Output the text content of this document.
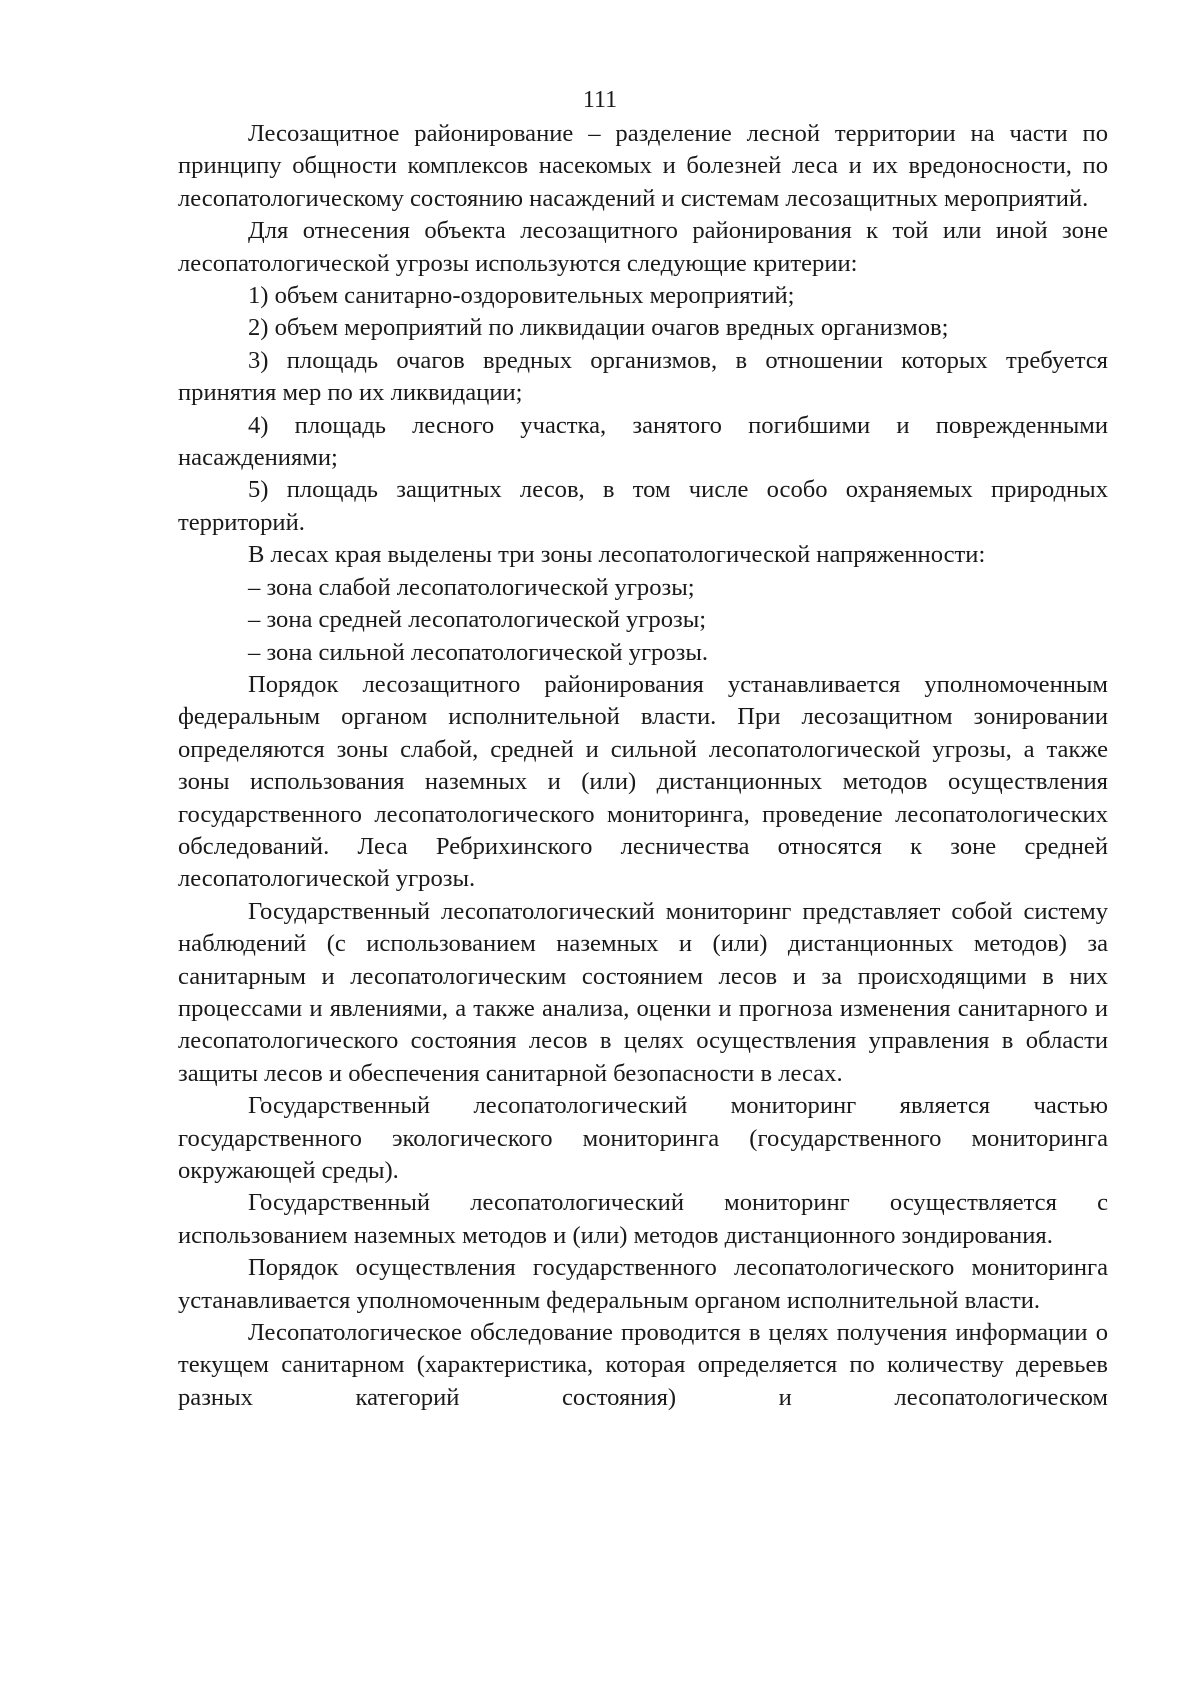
111

Лесозащитное районирование – разделение лесной территории на части по принципу общности комплексов насекомых и болезней леса и их вредоносности, по лесопатологическому состоянию насаждений и системам лесозащитных мероприятий.

Для отнесения объекта лесозащитного районирования к той или иной зоне лесопатологической угрозы используются следующие критерии:

1) объем санитарно-оздоровительных мероприятий;

2) объем мероприятий по ликвидации очагов вредных организмов;

3) площадь очагов вредных организмов, в отношении которых требуется принятия мер по их ликвидации;

4) площадь лесного участка, занятого погибшими и поврежденными насаждениями;

5) площадь защитных лесов, в том числе особо охраняемых природных территорий.

В лесах края выделены три зоны лесопатологической напряженности:

– зона слабой лесопатологической угрозы;

– зона средней лесопатологической угрозы;

– зона сильной лесопатологической угрозы.

Порядок лесозащитного районирования устанавливается уполномоченным федеральным органом исполнительной власти. При лесозащитном зонировании определяются зоны слабой, средней и сильной лесопатологической угрозы, а также зоны использования наземных и (или) дистанционных методов осуществления государственного лесопатологического мониторинга, проведение лесопатологических обследований. Леса Ребрихинского лесничества относятся к зоне средней лесопатологической угрозы.

Государственный лесопатологический мониторинг представляет собой систему наблюдений (с использованием наземных и (или) дистанционных методов) за санитарным и лесопатологическим состоянием лесов и за происходящими в них процессами и явлениями, а также анализа, оценки и прогноза изменения санитарного и лесопатологического состояния лесов в целях осуществления управления в области защиты лесов и обеспечения санитарной безопасности в лесах.

Государственный лесопатологический мониторинг является частью государственного экологического мониторинга (государственного мониторинга окружающей среды).

Государственный лесопатологический мониторинг осуществляется с использованием наземных методов и (или) методов дистанционного зондирования.

Порядок осуществления государственного лесопатологического мониторинга устанавливается уполномоченным федеральным органом исполнительной власти.

Лесопатологическое обследование проводится в целях получения информации о текущем санитарном (характеристика, которая определяется по количеству деревьев разных категорий состояния) и лесопатологическом
